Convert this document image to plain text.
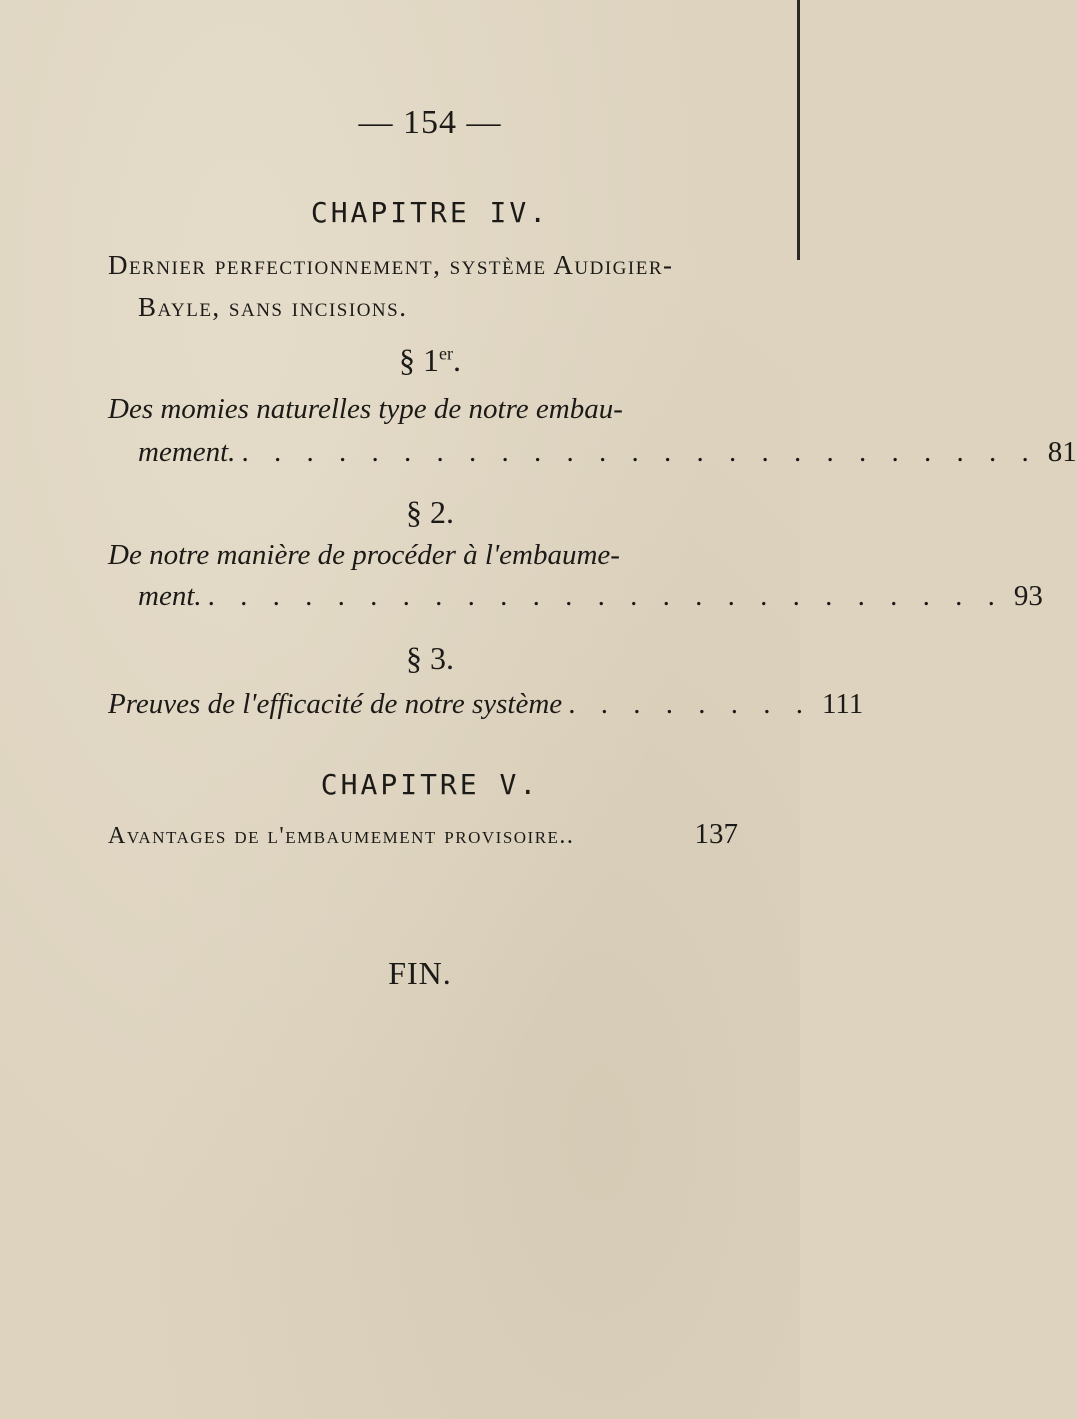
— 154 —
CHAPITRE IV.
Dernier perfectionnement, système Audigier-
Bayle, sans incisions.
§ 1er.
Des momies naturelles type de notre embau-
mement. . . . . . . . . . . . . . . . . . . . . . . . . . 81
§ 2.
De notre manière de procéder à l'embaume-
ment. . . . . . . . . . . . . . . . . . . . . . . . . . 93
§ 3.
Preuves de l'efficacité de notre système . . . . . . . . 111
CHAPITRE V.
Avantages de l'embaumement provisoire..	137
FIN.
